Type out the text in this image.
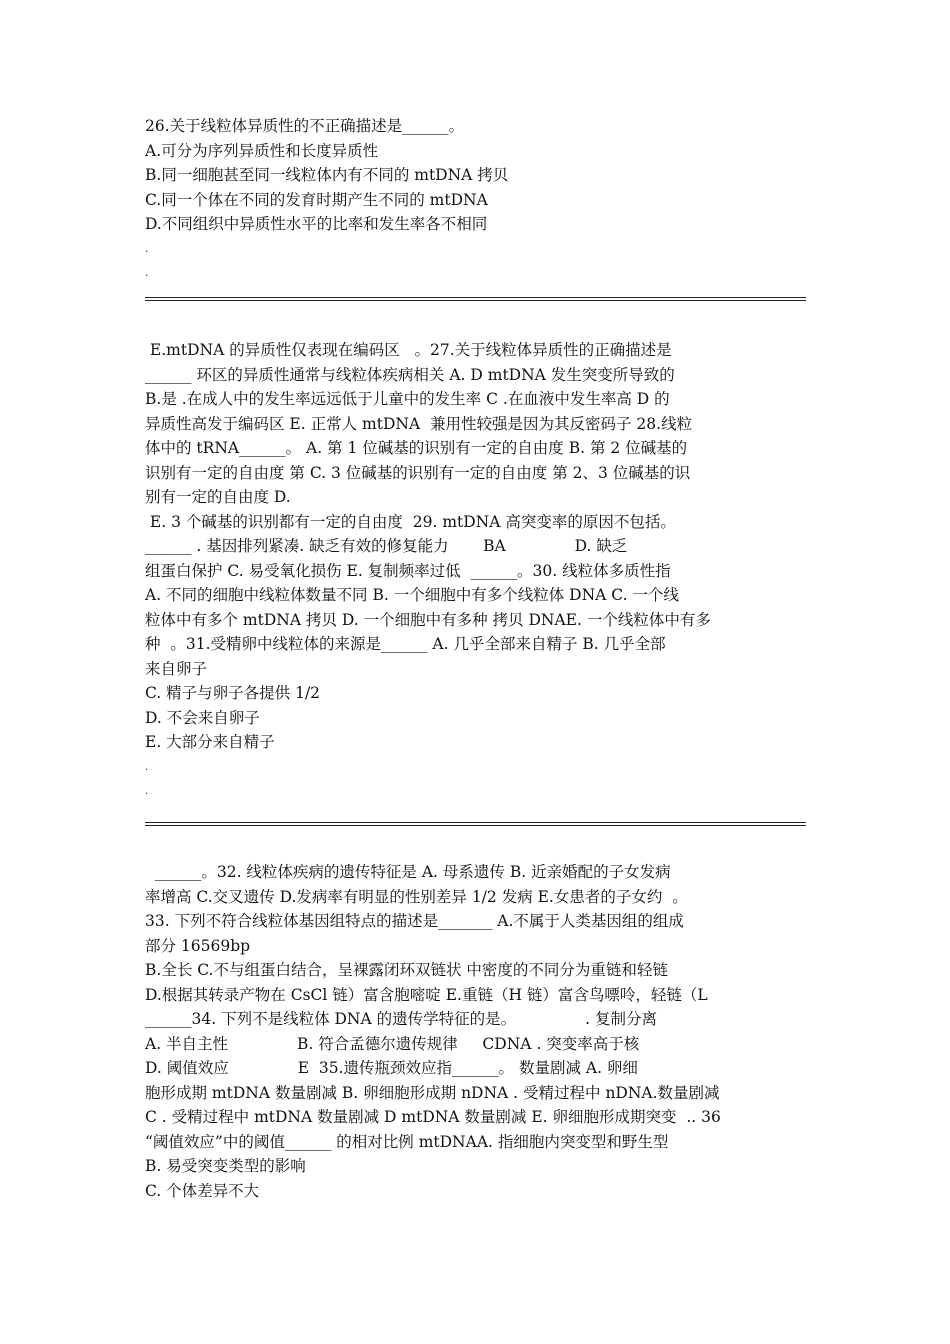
26.关于线粒体异质性的不正确描述是______。
A.可分为序列异质性和长度异质性
B.同一细胞甚至同一线粒体内有不同的 mtDNA 拷贝
C.同一个体在不同的发育时期产生不同的 mtDNA
D.不同组织中异质性水平的比率和发生率各不相同
.
.
E.mtDNA 的异质性仅表现在编码区   。27.关于线粒体异质性的正确描述是
______ 环区的异质性通常与线粒体疾病相关 A. D mtDNA 发生突变所导致的
B.是 .在成人中的发生率远远低于儿童中的发生率 C .在血液中发生率高 D 的
异质性高发于编码区 E. 正常人 mtDNA  兼用性较强是因为其反密码子 28.线粒
体中的 tRNA______。 A. 第 1 位碱基的识别有一定的自由度 B. 第 2 位碱基的
识别有一定的自由度 第 C. 3 位碱基的识别有一定的自由度 第 2、3 位碱基的识
别有一定的自由度 D.
E. 3 个碱基的识别都有一定的自由度  29. mtDNA 高突变率的原因不包括。
______ . 基因排列紧凑. 缺乏有效的修复能力       BA              D. 缺乏
组蛋白保护 C. 易受氧化损伤 E. 复制频率过低  ______。30. 线粒体多质性指
A. 不同的细胞中线粒体数量不同 B. 一个细胞中有多个线粒体 DNA C. 一个线
粒体中有多个 mtDNA 拷贝 D. 一个细胞中有多种 拷贝 DNAE. 一个线粒体中有多
种  。31.受精卵中线粒体的来源是______ A. 几乎全部来自精子 B. 几乎全部
来自卵子
C. 精子与卵子各提供 1/2
D. 不会来自卵子
E. 大部分来自精子
.
.
______。32. 线粒体疾病的遗传特征是 A. 母系遗传 B. 近亲婚配的子女发病
率增高 C.交叉遗传 D.发病率有明显的性别差异 1/2 发病 E.女患者的子女约  。
33. 下列不符合线粒体基因组特点的描述是_______ A.不属于人类基因组的组成
部分 16569bp
B.全长 C.不与组蛋白结合，呈裸露闭环双链状 中密度的不同分为重链和轻链
D.根据其转录产物在 CsCl 链）富含胞嘧啶 E.重链（H 链）富含鸟嘌呤，轻链（L
______34. 下列不是线粒体 DNA 的遗传学特征的是。              . 复制分离
A. 半自主性              B. 符合孟德尔遗传规律     CDNA . 突变率高于核
D. 阈值效应              E  35.遗传瓶颈效应指______。 数量剧减 A. 卵细
胞形成期 mtDNA 数量剧减 B. 卵细胞形成期 nDNA . 受精过程中 nDNA.数量剧减
C . 受精过程中 mtDNA 数量剧减 D mtDNA 数量剧减 E. 卵细胞形成期突变  .. 36
“阈值效应”中的阈值______ 的相对比例 mtDNAA. 指细胞内突变型和野生型
B. 易受突变类型的影响
C. 个体差异不大
